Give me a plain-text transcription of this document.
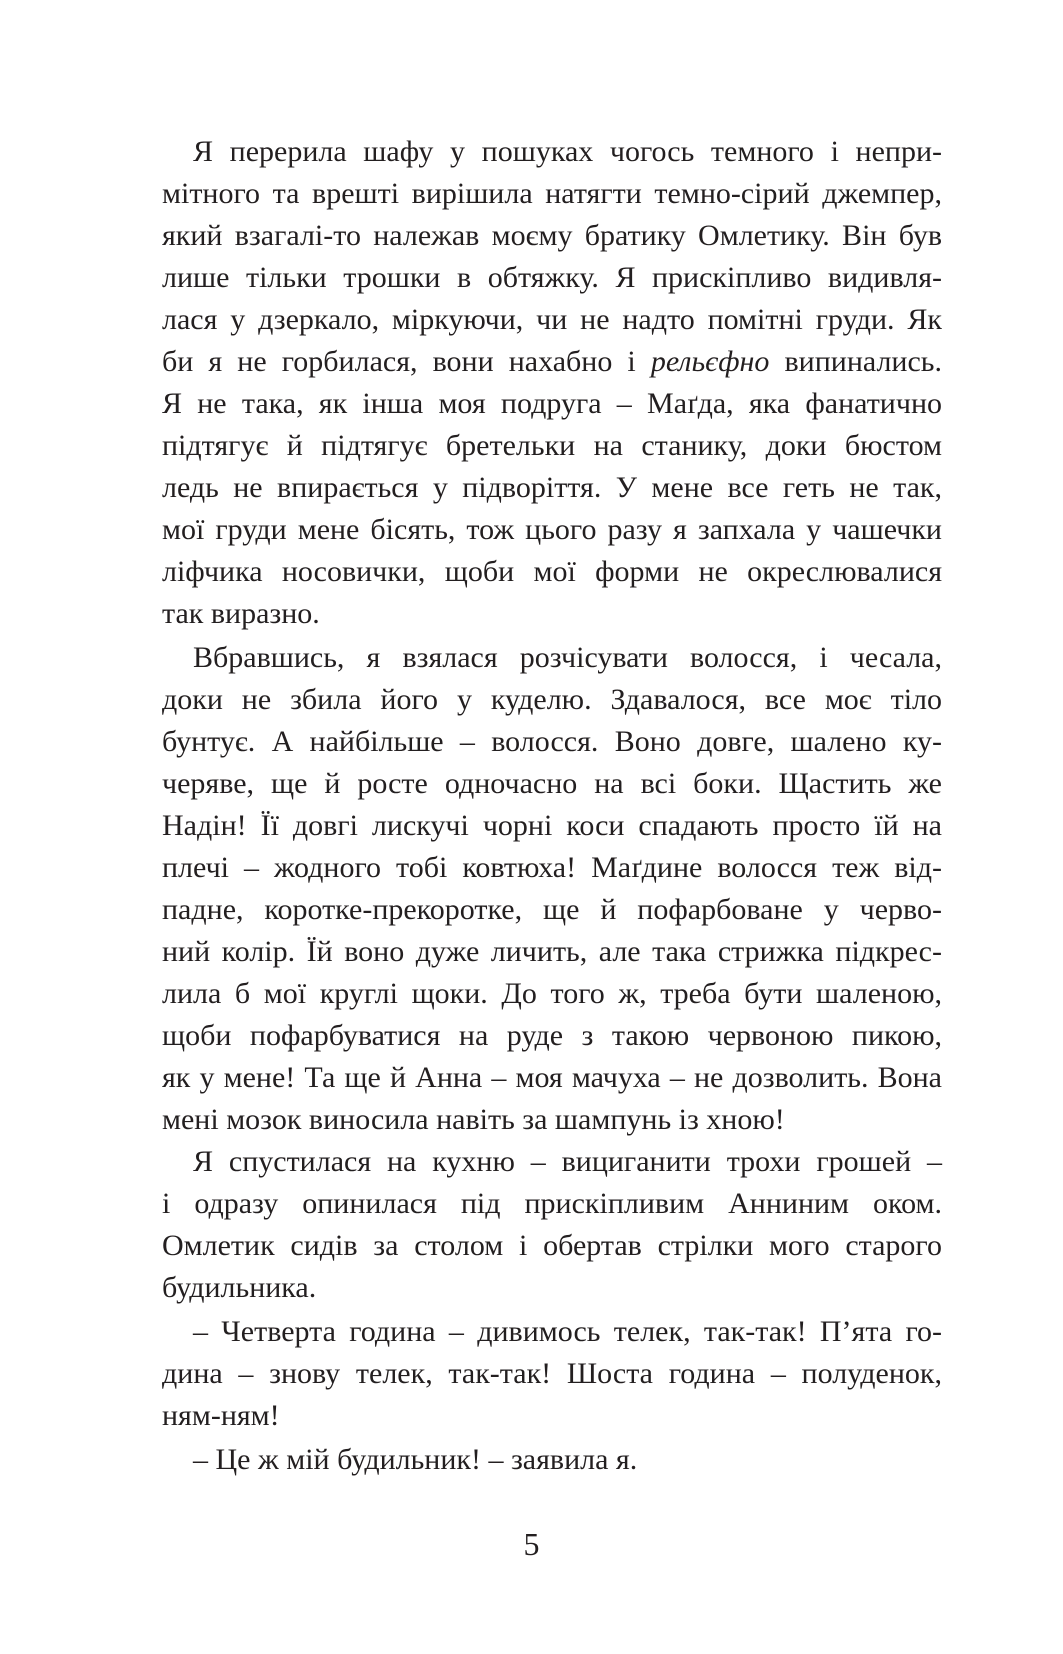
Я перерила шафу у пошуках чогось темного і непри-
мітного та врешті вирішила натягти темно-сірий джемпер,
який взагалі-то належав моєму братику Омлетику. Він був
лише тільки трошки в обтяжку. Я прискіпливо видивля-
лася у дзеркало, міркуючи, чи не надто помітні груди. Як
би я не горбилася, вони нахабно і рельєфно випинались.
Я не така, як інша моя подруга – Маґда, яка фанатично
підтягує й підтягує бретельки на станику, доки бюстом
ледь не впирається у підворіття. У мене все геть не так,
мої груди мене бісять, тож цього разу я запхала у чашечки
ліфчика носовички, щоби мої форми не окреслювалися
так виразно.
Вбравшись, я взялася розчісувати волосся, і чесала,
доки не збила його у куделю. Здавалося, все моє тіло
бунтує. А найбільше – волосся. Воно довге, шалено ку-
черяве, ще й росте одночасно на всі боки. Щастить же
Надін! Її довгі лискучі чорні коси спадають просто їй на
плечі – жодного тобі ковтюха! Маґдине волосся теж від-
падне, коротке-прекоротке, ще й пофарбоване у черво-
ний колір. Їй воно дуже личить, але така стрижка підкрес-
лила б мої круглі щоки. До того ж, треба бути шаленою,
щоби пофарбуватися на руде з такою червоною пикою,
як у мене! Та ще й Анна – моя мачуха – не дозволить. Вона
мені мозок виносила навіть за шампунь із хною!
Я спустилася на кухню – вициганити трохи грошей –
і одразу опинилася під прискіпливим Анниним оком.
Омлетик сидів за столом і обертав стрілки мого старого
будильника.
– Четверта година – дивимось телек, так-так! П’ята го-
дина – знову телек, так-так! Шоста година – полуденок,
ням-ням!
– Це ж мій будильник! – заявила я.
5
